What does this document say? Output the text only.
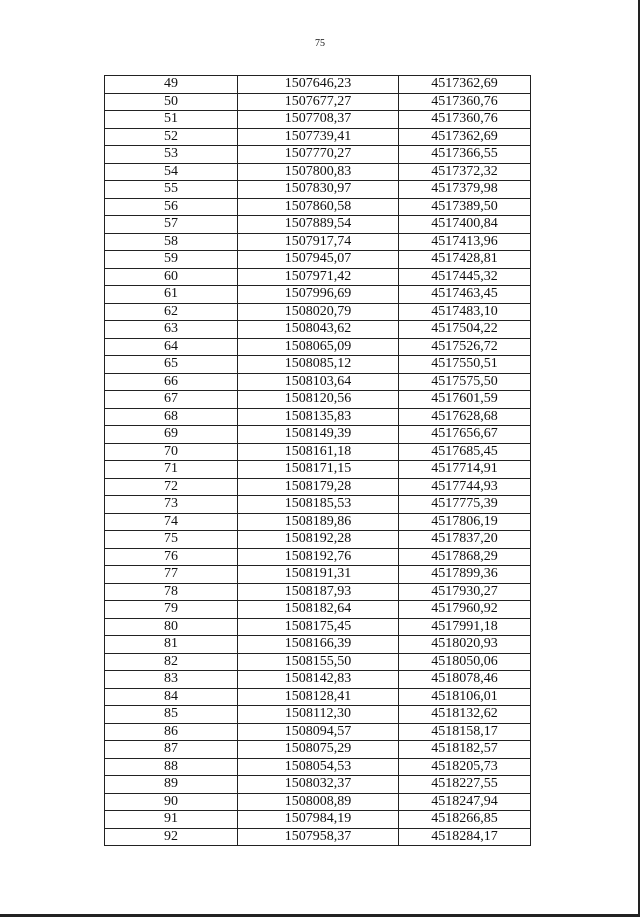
75
49	1507646,23	4517362,69
50	1507677,27	4517360,76
51	1507708,37	4517360,76
52	1507739,41	4517362,69
53	1507770,27	4517366,55
54	1507800,83	4517372,32
55	1507830,97	4517379,98
56	1507860,58	4517389,50
57	1507889,54	4517400,84
58	1507917,74	4517413,96
59	1507945,07	4517428,81
60	1507971,42	4517445,32
61	1507996,69	4517463,45
62	1508020,79	4517483,10
63	1508043,62	4517504,22
64	1508065,09	4517526,72
65	1508085,12	4517550,51
66	1508103,64	4517575,50
67	1508120,56	4517601,59
68	1508135,83	4517628,68
69	1508149,39	4517656,67
70	1508161,18	4517685,45
71	1508171,15	4517714,91
72	1508179,28	4517744,93
73	1508185,53	4517775,39
74	1508189,86	4517806,19
75	1508192,28	4517837,20
76	1508192,76	4517868,29
77	1508191,31	4517899,36
78	1508187,93	4517930,27
79	1508182,64	4517960,92
80	1508175,45	4517991,18
81	1508166,39	4518020,93
82	1508155,50	4518050,06
83	1508142,83	4518078,46
84	1508128,41	4518106,01
85	1508112,30	4518132,62
86	1508094,57	4518158,17
87	1508075,29	4518182,57
88	1508054,53	4518205,73
89	1508032,37	4518227,55
90	1508008,89	4518247,94
91	1507984,19	4518266,85
92	1507958,37	4518284,17
